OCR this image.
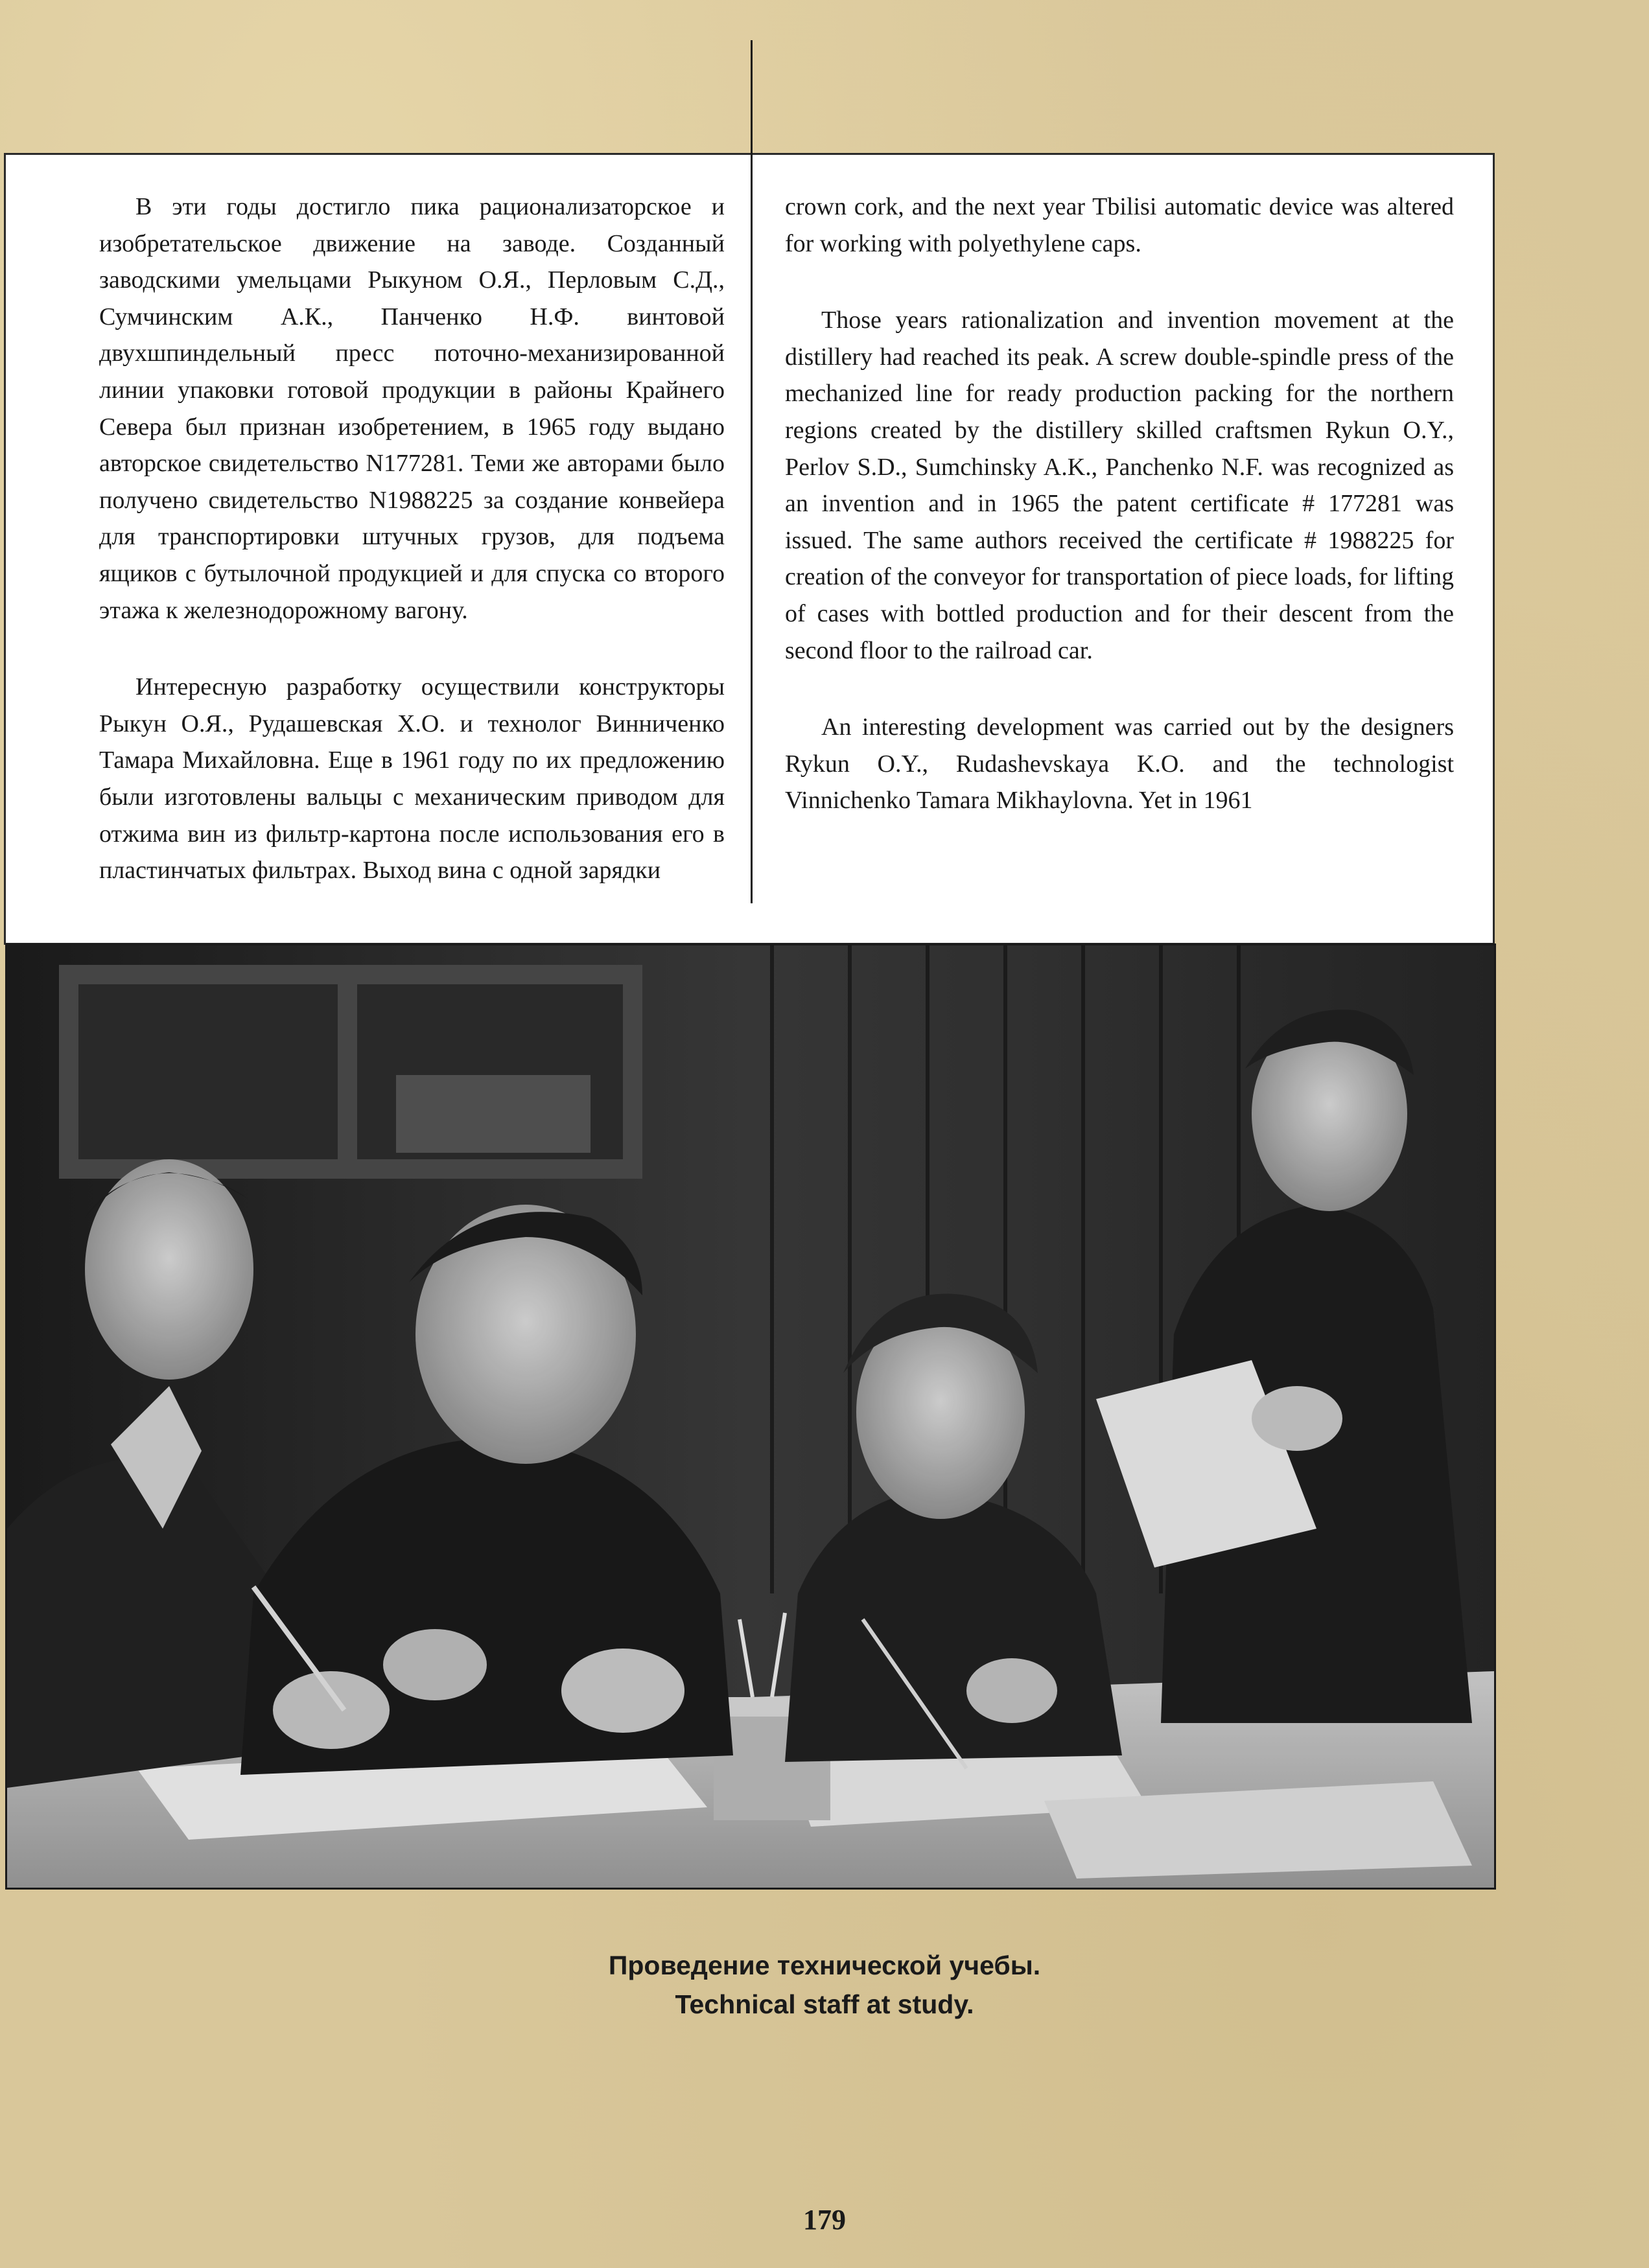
В эти годы достигло пика рационализаторское и изобретательское движение на заводе. Созданный заводскими умельцами Рыкуном О.Я., Перловым С.Д., Сумчинским А.К., Панченко Н.Ф. винтовой двухшпиндельный пресс поточно-механизированной линии упаковки готовой продукции в районы Крайнего Севера был признан изобретением, в 1965 году выдано авторское свидетельство N177281. Теми же авторами было получено свидетельство N1988225 за создание конвейера для транспортировки штучных грузов, для подъема ящиков с бутылочной продукцией и для спуска со второго этажа к железнодорожному вагону.

Интересную разработку осуществили конструкторы Рыкун О.Я., Рудашевская Х.О. и технолог Винниченко Тамара Михайловна. Еще в 1961 году по их предложению были изготовлены вальцы с механическим приводом для отжима вин из фильтр-картона после использования его в пластинчатых фильтрах. Выход вина с одной зарядки

crown cork, and the next year Tbilisi automatic device was altered for working with polyethylene caps.

Those years rationalization and invention movement at the distillery had reached its peak. A screw double-spindle press of the mechanized line for ready production packing for the northern regions created by the distillery skilled craftsmen Rykun O.Y., Perlov S.D., Sumchinsky A.K., Panchenko N.F. was recognized as an invention and in 1965 the patent certificate # 177281 was issued. The same authors received the certificate # 1988225 for creation of the conveyor for transportation of piece loads, for lifting of cases with bottled production and for their descent from the second floor to the railroad car.

An interesting development was carried out by the designers Rykun O.Y., Rudashevskaya K.O. and the technologist Vinnichenko Tamara Mikhaylovna. Yet in 1961

Проведение технической учебы.
Technical staff at study.
179
